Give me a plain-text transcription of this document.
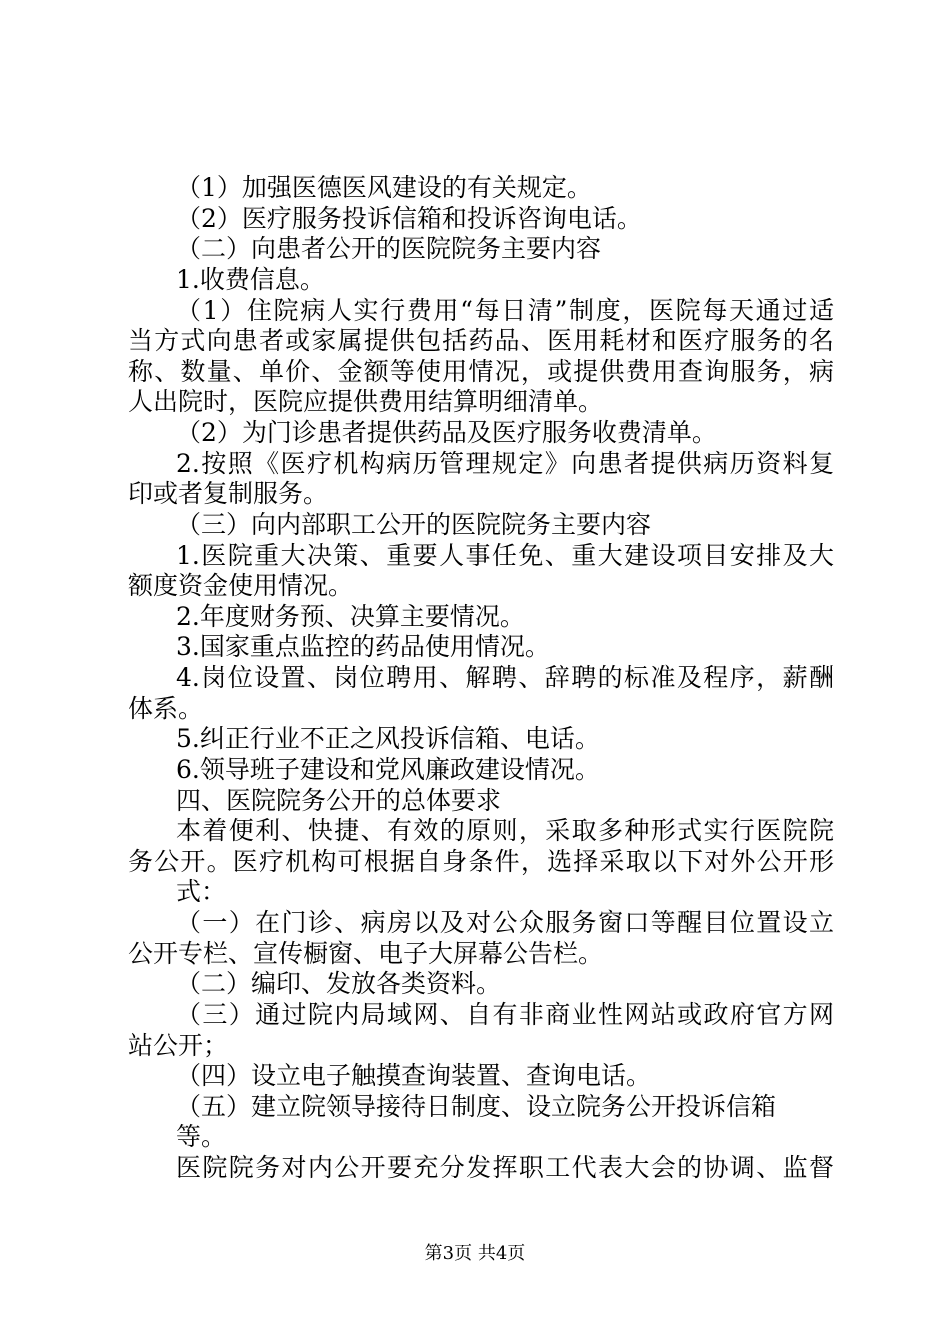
（1）加强医德医风建设的有关规定。
（2）医疗服务投诉信箱和投诉咨询电话。
（二）向患者公开的医院院务主要内容
1.收费信息。
（1）住院病人实行费用“每日清”制度，医院每天通过适
当方式向患者或家属提供包括药品、医用耗材和医疗服务的名
称、数量、单价、金额等使用情况，或提供费用查询服务，病
人出院时，医院应提供费用结算明细清单。
（2）为门诊患者提供药品及医疗服务收费清单。
2.按照《医疗机构病历管理规定》向患者提供病历资料复
印或者复制服务。
（三）向内部职工公开的医院院务主要内容
1.医院重大决策、重要人事任免、重大建设项目安排及大
额度资金使用情况。
2.年度财务预、决算主要情况。
3.国家重点监控的药品使用情况。
4.岗位设置、岗位聘用、解聘、辞聘的标准及程序，薪酬
体系。
5.纠正行业不正之风投诉信箱、电话。
6.领导班子建设和党风廉政建设情况。
四、医院院务公开的总体要求
本着便利、快捷、有效的原则，采取多种形式实行医院院
务公开。医疗机构可根据自身条件，选择采取以下对外公开形
式：
（一）在门诊、病房以及对公众服务窗口等醒目位置设立
公开专栏、宣传橱窗、电子大屏幕公告栏。
（二）编印、发放各类资料。
（三）通过院内局域网、自有非商业性网站或政府官方网
站公开；
（四）设立电子触摸查询装置、查询电话。
（五）建立院领导接待日制度、设立院务公开投诉信箱
等。
医院院务对内公开要充分发挥职工代表大会的协调、监督
第3页 共4页
